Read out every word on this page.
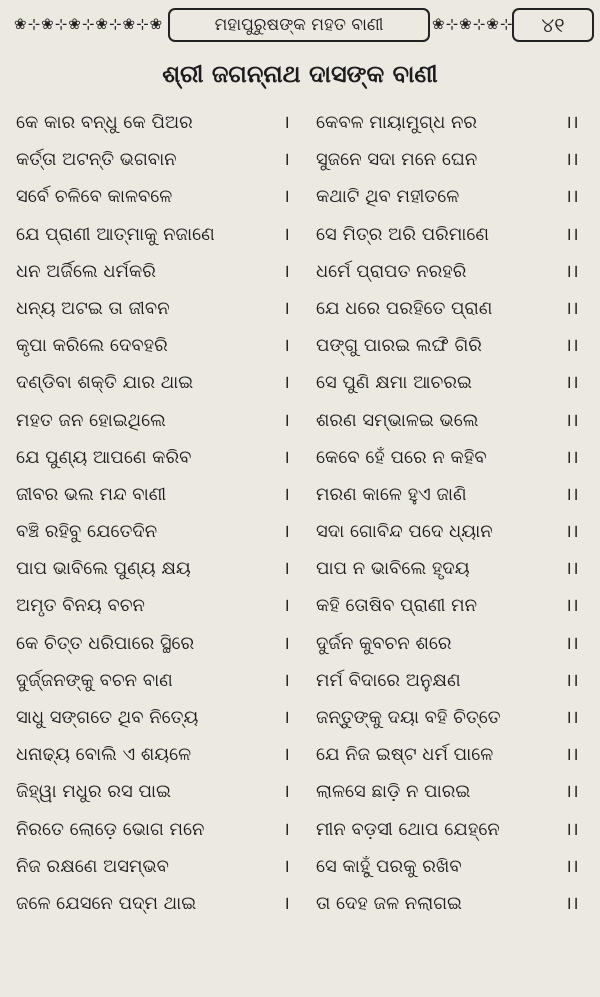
❀⊹❀⊹❀⊹❀⊹❀⊹❀	ମହାପୁରୁଷଙ୍କ ମହତ ବାଣୀ	❀⊹❀⊹❀⊹	୪୧
ଶ୍ରୀ ଜଗନ୍ନାଥ ଦାସଙ୍କ ବାଣୀ
କେ କାର ବନ୍ଧୁ କେ ପିଅର	। କେବଳ ମାୟାମୁଗ୍ଧ ନର	।।
କର୍ତ୍ତା ଅଟନ୍ତି ଭଗବାନ	। ସୁଜନେ ସଦା ମନେ ଘେନ	।।
ସର୍ବେ ଚଳିବେ କାଳବଳେ	। କଥାଟି ଥିବ ମହୀତଳେ	।।
ଯେ ପ୍ରାଣୀ ଆତ୍ମାକୁ ନଜାଣେ	। ସେ ମିତ୍ର ଅରି ପରିମାଣେ	।।
ଧନ ଅର୍ଜିଲେ ଧର୍ମକରି	। ଧର୍ମେ ପ୍ରାପତ ନରହରି	।।
ଧନ୍ୟ ଅଟଇ ତା ଜୀବନ	। ଯେ ଧରେ ପରହିତେ ପ୍ରାଣ	।।
କୃପା କରିଲେ ଦେବହରି	। ପଙ୍ଗୁ ପାରଇ ଲଙ୍ଘି ଗିରି	।।
ଦଣ୍ଡିବା ଶକ୍ତି ଯାର ଥାଇ	। ସେ ପୁଣି କ୍ଷମା ଆଚରଇ	।।
ମହତ ଜନ ହୋଇଥିଲେ	। ଶରଣ ସମ୍ଭାଳଇ ଭଲେ	।।
ଯେ ପୁଣ୍ୟ ଆପଣେ କରିବ	। କେବେ ହେଁ ପରେ ନ କହିବ	।।
ଜୀବର ଭଲ ମନ୍ଦ ବାଣୀ	। ମରଣ କାଳେ ହୁଏ ଜାଣି	।।
ବଞ୍ଚି ରହିବୁ ଯେତେଦିନ	। ସଦା ଗୋବିନ୍ଦ ପଦେ ଧ୍ୟାନ	।।
ପାପ ଭାବିଲେ ପୁଣ୍ୟ କ୍ଷୟ	। ପାପ ନ ଭାବିଲେ ହୃଦୟ	।।
ଅମୃତ ବିନୟ ବଚନ	। କହି ତୋଷିବ ପ୍ରାଣୀ ମନ	।।
କେ ଚିତ୍ତ ଧରିପାରେ ସ୍ଥିରେ	। ଦୁର୍ଜନ କୁବଚନ ଶରେ	।।
ଦୁର୍ଜ୍ଜନଙ୍କୁ ବଚନ ବାଣ	। ମର୍ମ ବିଦାରେ ଅନୁକ୍ଷଣ	।।
ସାଧୁ ସଙ୍ଗତେ ଥିବ ନିତ୍ୟେ	। ଜନ୍ତୁଙ୍କୁ ଦୟା ବହି ଚିତ୍ତେ	।।
ଧନାଢ୍ୟ ବୋଲି ଏ ଶୟଳେ	। ଯେ ନିଜ ଇଷ୍ଟ ଧର୍ମ ପାଳେ	।।
ଜିହ୍ୱା ମଧୁର ରସ ପାଇ	। ଲାଳସେ ଛାଡ଼ି ନ ପାରଇ	।।
ନିରତେ ଲୋଡ଼େ ଭୋଗ ମନେ	। ମୀନ ବଡ଼ସୀ ଥୋପ ଯେହ୍ନେ	।।
ନିଜ ରକ୍ଷଣେ ଅସମ୍ଭବ	। ସେ କାହୁଁ ପରକୁ ରଖିବ	।।
ଜଳେ ଯେସନେ ପଦ୍ମ ଥାଇ	। ତା ଦେହ ଜଳ ନଲାଗଇ	।।
